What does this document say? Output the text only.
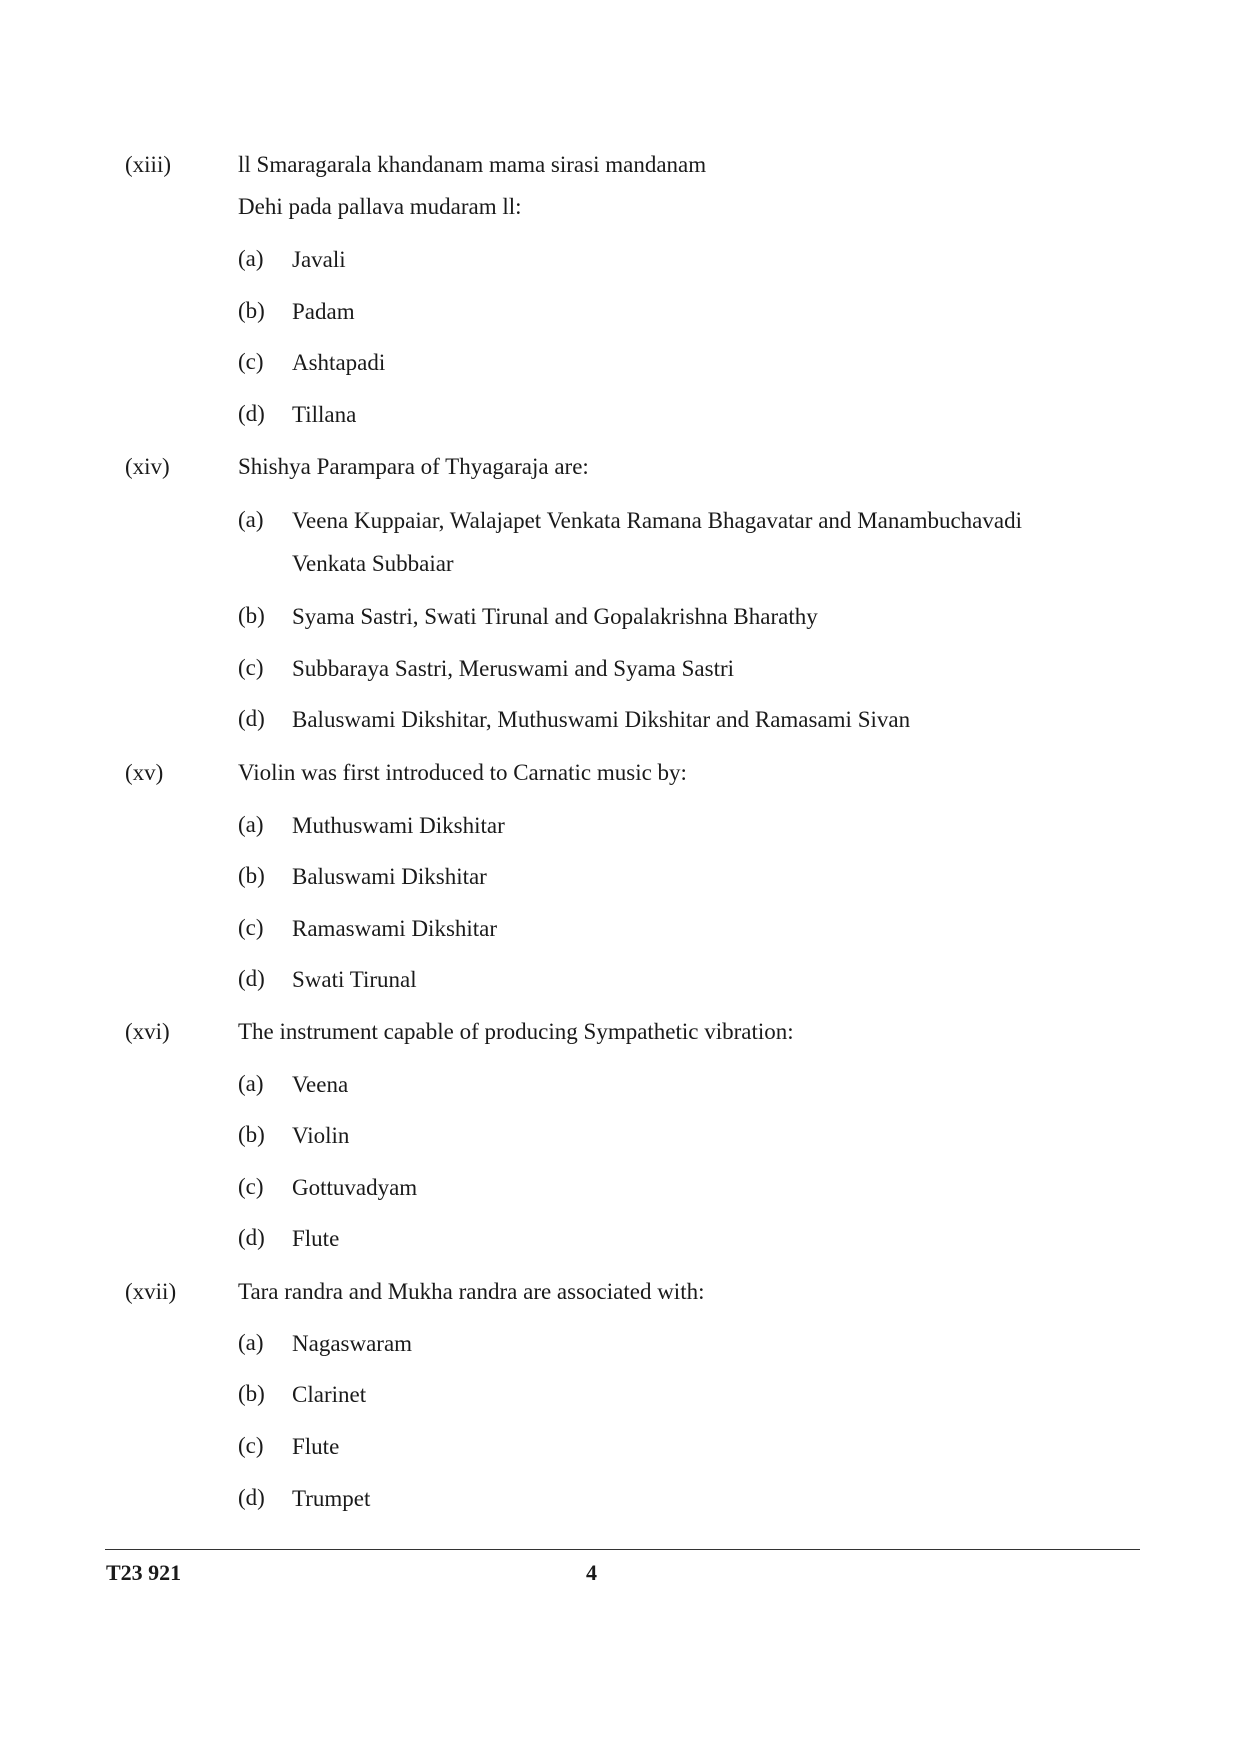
(xiii)	ll Smaragarala khandanam mama sirasi mandanam
Dehi pada pallava mudaram ll:
(a) Javali
(b) Padam
(c) Ashtapadi
(d) Tillana
(xiv)	Shishya Parampara of Thyagaraja are:
(a) Veena Kuppaiar, Walajapet Venkata Ramana Bhagavatar and Manambuchavadi Venkata Subbaiar
(b) Syama Sastri, Swati Tirunal and Gopalakrishna Bharathy
(c) Subbaraya Sastri, Meruswami and Syama Sastri
(d) Baluswami Dikshitar, Muthuswami Dikshitar and Ramasami Sivan
(xv)	Violin was first introduced to Carnatic music by:
(a) Muthuswami Dikshitar
(b) Baluswami Dikshitar
(c) Ramaswami Dikshitar
(d) Swati Tirunal
(xvi)	The instrument capable of producing Sympathetic vibration:
(a) Veena
(b) Violin
(c) Gottuvadyam
(d) Flute
(xvii)	Tara randra and Mukha randra are associated with:
(a) Nagaswaram
(b) Clarinet
(c) Flute
(d) Trumpet
T23 921	4
